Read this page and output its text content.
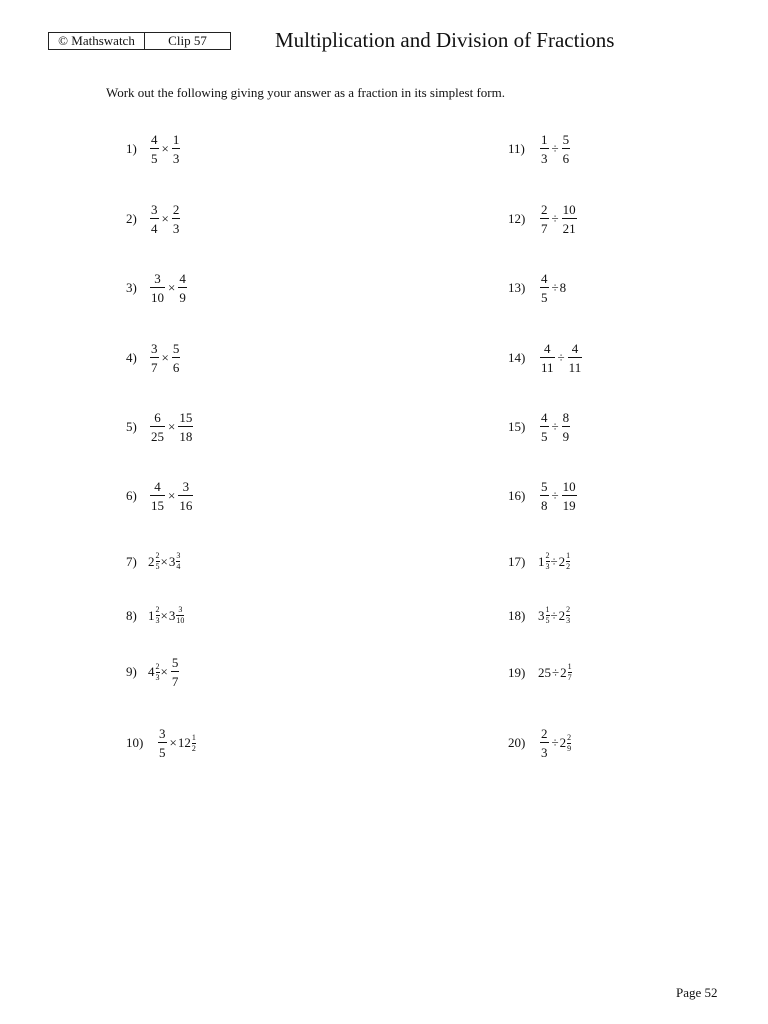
© Mathswatch	Clip 57	Multiplication and Division of Fractions
Work out the following giving your answer as a fraction in its simplest form.
1)	$\frac{4}{5} \times \frac{1}{3}$
2)	$\frac{3}{4} \times \frac{2}{3}$
3)	$\frac{3}{10} \times \frac{4}{9}$
4)	$\frac{3}{7} \times \frac{5}{6}$
5)	$\frac{6}{25} \times \frac{15}{18}$
6)	$\frac{4}{15} \times \frac{3}{16}$
7) 2 2
5 × 3 3
4
8) 1 2
3 × 3 3
10
9) 4 2
$3 \times \frac{5}{7}$
10)	$\frac{3}{5} \times 12$ 1
2
11)	$\frac{1}{3} \div \frac{5}{6}$
12)	$\frac{2}{7} \div \frac{10}{21}$
13)	$\frac{4}{5} \div 8$
14)	$\frac{4}{11} \div \frac{4}{11}$
15)	$\frac{4}{5} \div \frac{8}{9}$
16)	$\frac{5}{8} \div \frac{10}{19}$
17) 1 2
3 ÷ 2 1
2
18) 3 1
5 ÷ 2 2
3
19) 25 ÷ 2 1
7
20)	$\frac{2}{3} \div 2$ 2
9
Page 52
